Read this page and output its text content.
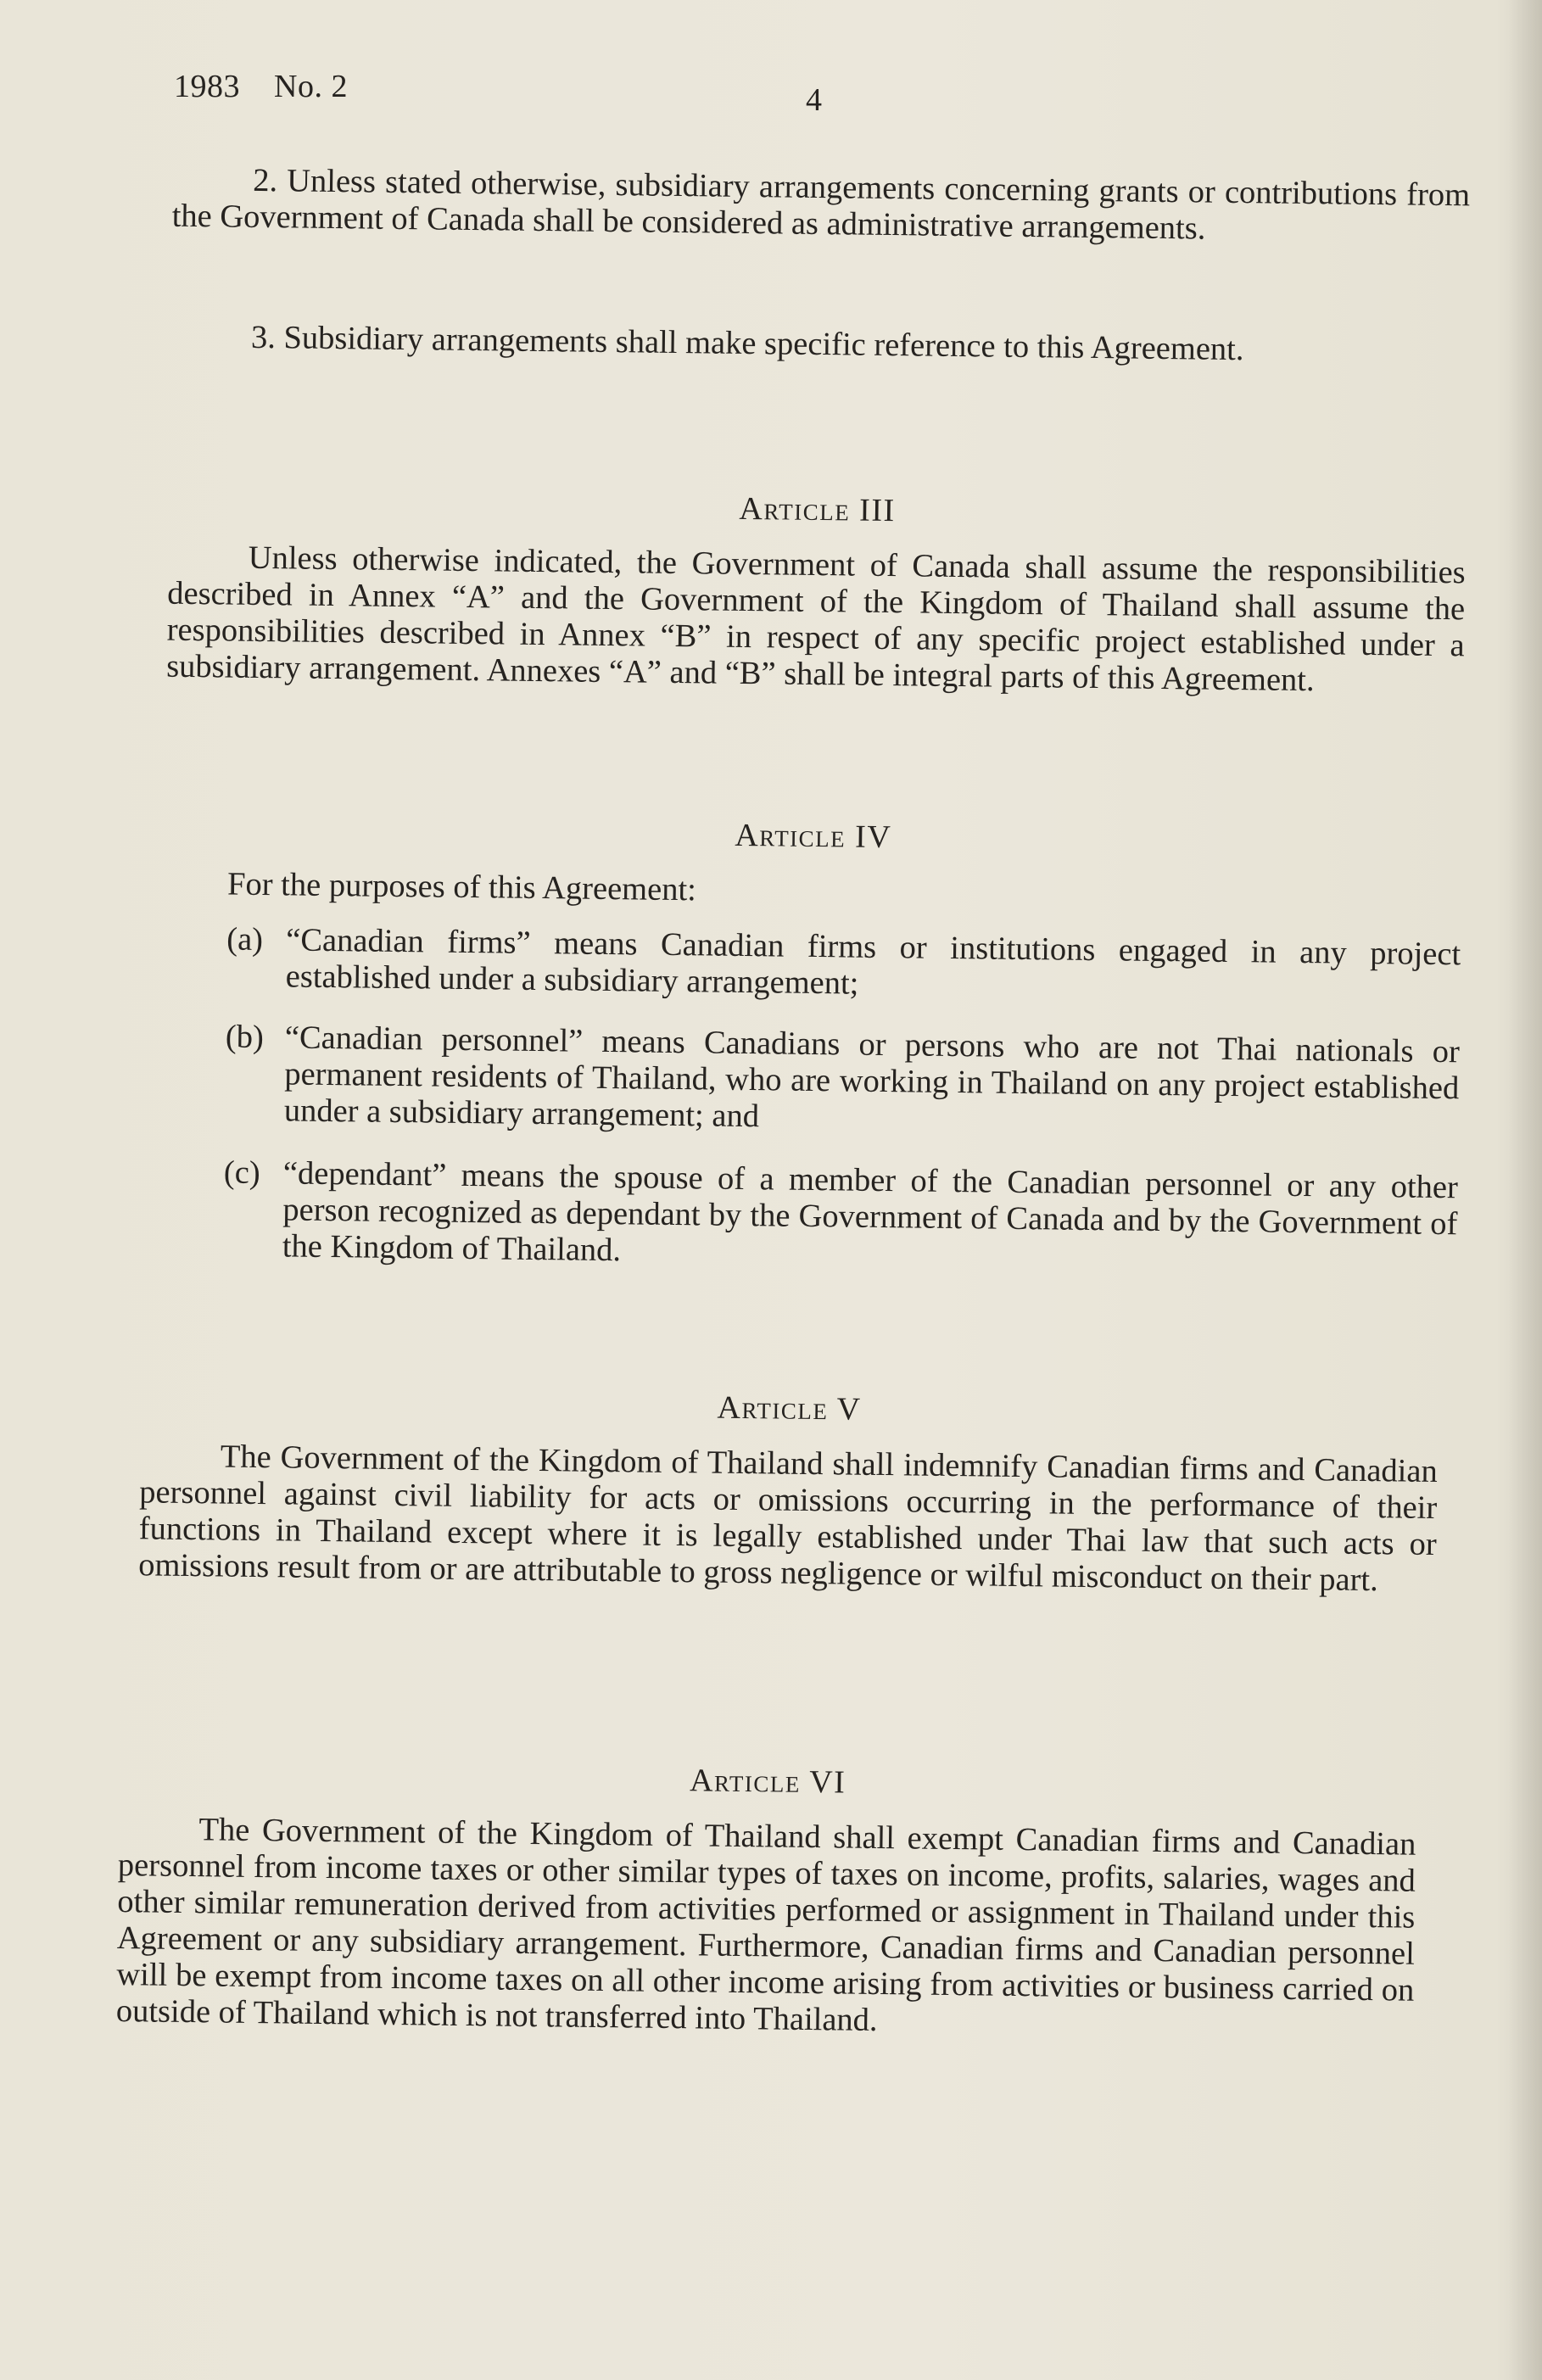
1983 No. 2	4
2. Unless stated otherwise, subsidiary arrangements concerning grants or contributions from the Government of Canada shall be considered as administrative arrangements.
3. Subsidiary arrangements shall make specific reference to this Agreement.
Article III
Unless otherwise indicated, the Government of Canada shall assume the responsibilities described in Annex “A” and the Government of the Kingdom of Thailand shall assume the responsibilities described in Annex “B” in respect of any specific project established under a subsidiary arrangement. Annexes “A” and “B” shall be integral parts of this Agreement.
Article IV
For the purposes of this Agreement:
(a) “Canadian firms” means Canadian firms or institutions engaged in any project established under a subsidiary arrangement;
(b) “Canadian personnel” means Canadians or persons who are not Thai nationals or permanent residents of Thailand, who are working in Thailand on any project established under a subsidiary arrangement; and
(c) “dependant” means the spouse of a member of the Canadian personnel or any other person recognized as dependant by the Government of Canada and by the Government of the Kingdom of Thailand.
Article V
The Government of the Kingdom of Thailand shall indemnify Canadian firms and Canadian personnel against civil liability for acts or omissions occurring in the performance of their functions in Thailand except where it is legally established under Thai law that such acts or omissions result from or are attributable to gross negligence or wilful misconduct on their part.
Article VI
The Government of the Kingdom of Thailand shall exempt Canadian firms and Canadian personnel from income taxes or other similar types of taxes on income, profits, salaries, wages and other similar remuneration derived from activities performed or assignment in Thailand under this Agreement or any subsidiary arrangement. Furthermore, Canadian firms and Canadian personnel will be exempt from income taxes on all other income arising from activities or business carried on outside of Thailand which is not transferred into Thailand.
